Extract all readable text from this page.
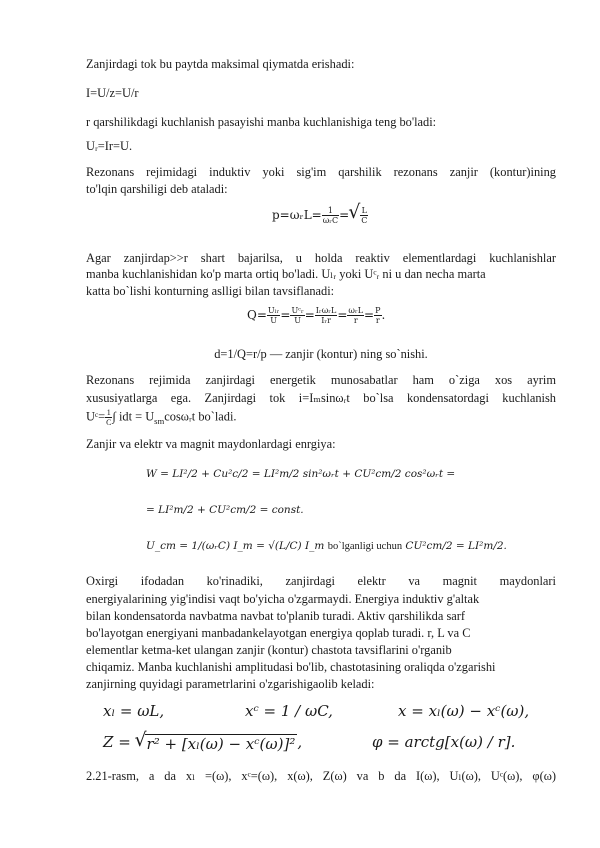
Zanjirdagi tok bu paytda maksimal qiymatda erishadi:
I=U/z=U/r
r qarshilikdagi kuchlanish pasayishi manba kuchlanishiga teng bo'ladi:
Uᵣ=Ir=U.
Rezonans rejimidagi induktiv yoki sig'im qarshilik rezonans zanjir (kontur)ining
to'lqin qarshiligi deb ataladi:
p=ωᵣL= $\frac{1}{\text{ωᵣC}}$ =
√ $\frac{L}{C}$
Agar zanjirdap>>r shart bajarilsa, u holda reaktiv elementlardagi kuchlanishlar
manba kuchlanishidan ko'p marta ortiq bo'ladi. Uₗᵣ yoki Uᶜᵣ ni u dan necha marta
katta bo`lishi konturning aslligi bilan tavsiflanadi:
$Q= \frac{\text{Uₗᵣ}}{U} = \frac{\text{Uᶜᵣ}}{U} = \frac{\text{IᵣωᵣL}}{\text{Iᵣr}} = \frac{\text{ωᵣL}}{r} = \frac{P}{r}$ .
d=1/Q=r/p — zanjir (kontur) ning so`nishi.
Rezonans rejimida zanjirdagi energetik munosabatlar ham o`ziga xos ayrim
xususiyatlarga ega. Zanjirdagi tok i=Iₘsinωᵣt bo`lsa kondensatordagi kuchlanish
Uᶜ= $\frac{1}{C}$ ∫ idt = $U_{sm}\cos\omega ᵣt$ bo`ladi.
Zanjir va elektr va magnit maydonlardagi enrgiya:
W = LI²/2 + Cu²c/2 = LI²m/2 sin²ωᵣt + CU²cm/2 cos²ωᵣt =
= LI²m/2 + CU²cm/2 = const.
U_cm = 1/(ωᵣC) I_m = √(L/C) I_m bo`lganligi uchun CU²cm/2 = LI²m/2.
Oxirgi ifodadan ko'rinadiki, zanjirdagi elektr va magnit maydonlari
energiyalarining yig'indisi vaqt bo'yicha o'zgarmaydi. Energiya induktiv g'altak
bilan kondensatorda navbatma navbat to'planib turadi. Aktiv qarshilikda sarf
bo'layotgan energiyani manbadankelayotgan energiya qoplab turadi. r, L va C
elementlar ketma-ket ulangan zanjir (kontur) chastota tavsiflarini o'rganib
chiqamiz. Manba kuchlanishi amplitudasi bo'lib, chastotasining oraliqda o'zgarishi
zanjirning quyidagi parametrlarini o'zgarishigaolib keladi:
xₗ = ωL,	xᶜ = 1 / ωC,	x = xₗ(ω) − xᶜ(ω),
Z = √ r² + [xₗ(ω) − xᶜ(ω)]² ,	φ = arctg[x(ω) / r].
2.21-rasm, a da xₗ =(ω), xᶜ=(ω), x(ω), Z(ω) va b da I(ω), Uₗ(ω), Uᶜ(ω), φ(ω)
